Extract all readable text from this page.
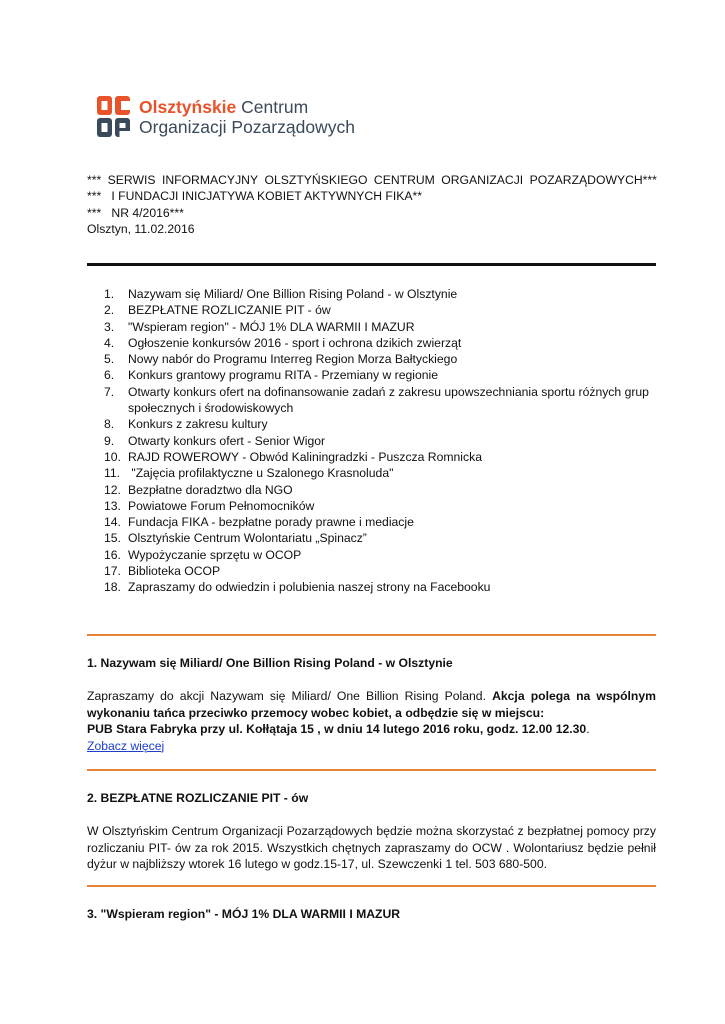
Olsztyńskie Centrum
Organizacji Pozarządowych
*** SERWIS INFORMACYJNY OLSZTYŃSKIEGO CENTRUM ORGANIZACJI POZARZĄDOWYCH***
***   I FUNDACJI INICJATYWA KOBIET AKTYWNYCH FIKA**
***   NR 4/2016***
Olsztyn, 11.02.2016
1.	Nazywam się Miliard/ One Billion Rising Poland - w Olsztynie
2.	BEZPŁATNE ROZLICZANIE PIT - ów
3.	"Wspieram region" - MÓJ 1% DLA WARMII I MAZUR
4.	Ogłoszenie konkursów 2016 - sport i ochrona dzikich zwierząt
5.	Nowy nabór do Programu Interreg Region Morza Bałtyckiego
6.	Konkurs grantowy programu RITA - Przemiany w regionie
7.	Otwarty konkurs ofert na dofinansowanie zadań z zakresu upowszechniania sportu różnych grup społecznych i środowiskowych
8.	Konkurs z zakresu kultury
9.	Otwarty konkurs ofert - Senior Wigor
10. RAJD ROWEROWY - Obwód Kaliningradzki - Puszcza Romnicka
11. "Zajęcia profilaktyczne u Szalonego Krasnoluda"
12. Bezpłatne doradztwo dla NGO
13. Powiatowe Forum Pełnomocników
14. Fundacja FIKA - bezpłatne porady prawne i mediacje
15. Olsztyńskie Centrum Wolontariatu „Spinacz”
16. Wypożyczanie sprzętu w OCOP
17. Biblioteka OCOP
18. Zapraszamy do odwiedzin i polubienia naszej strony na Facebooku
1. Nazywam się Miliard/ One Billion Rising Poland - w Olsztynie
Zapraszamy do akcji Nazywam się Miliard/ One Billion Rising Poland. Akcja polega na wspólnym wykonaniu tańca przeciwko przemocy wobec kobiet, a odbędzie się w miejscu:
PUB Stara Fabryka przy ul. Kołłątaja 15 , w dniu 14 lutego 2016 roku, godz. 12.00 12.30.
Zobacz więcej
2. BEZPŁATNE ROZLICZANIE PIT - ów
W Olsztyńskim Centrum Organizacji Pozarządowych będzie można skorzystać z bezpłatnej pomocy przy rozliczaniu PIT- ów za rok 2015. Wszystkich chętnych zapraszamy do OCW . Wolontariusz będzie pełnił dyżur w najbliższy wtorek 16 lutego w godz.15-17, ul. Szewczenki 1 tel. 503 680-500.
3. "Wspieram region" - MÓJ 1% DLA WARMII I MAZUR
